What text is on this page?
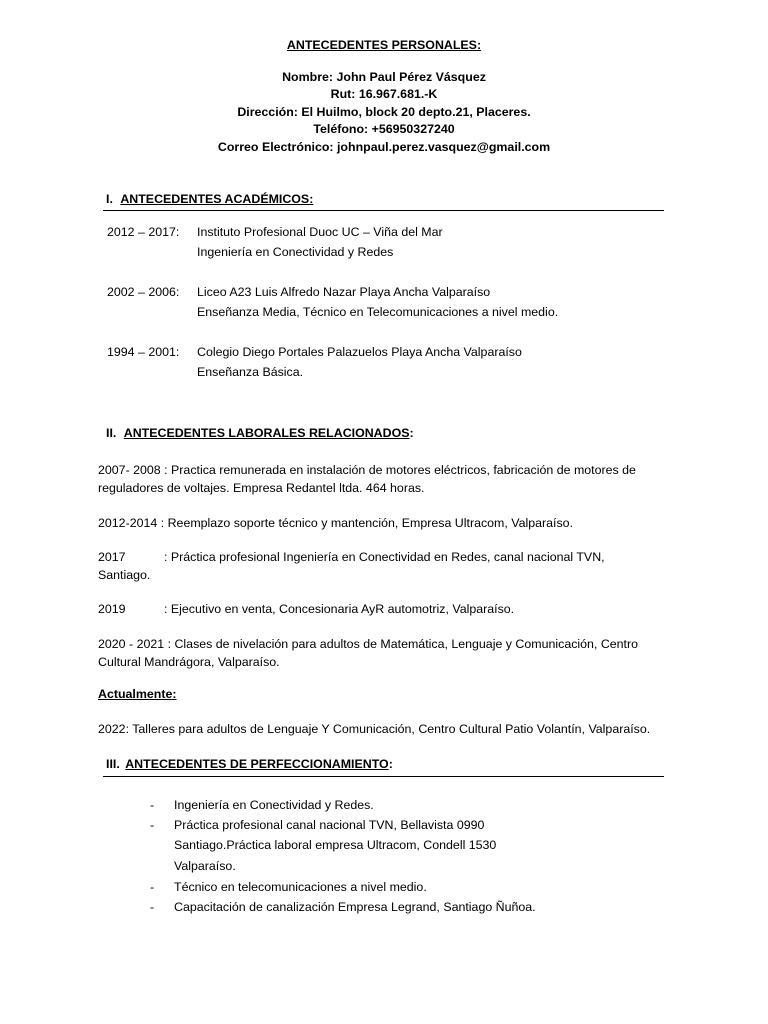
ANTECEDENTES PERSONALES:
Nombre: John Paul Pérez Vásquez
Rut: 16.967.681.-K
Dirección: El Huilmo, block 20 depto.21, Placeres.
Teléfono: +56950327240
Correo Electrónico: johnpaul.perez.vasquez@gmail.com
I. ANTECEDENTES ACADÉMICOS:
2012 – 2017: Instituto Profesional Duoc UC – Viña del Mar
Ingeniería en Conectividad y Redes
2002 – 2006: Liceo A23 Luis Alfredo Nazar Playa Ancha Valparaíso
Enseñanza Media, Técnico en Telecomunicaciones a nivel medio.
1994 – 2001: Colegio Diego Portales Palazuelos Playa Ancha Valparaíso
Enseñanza Básica.
II. ANTECEDENTES LABORALES RELACIONADOS:
2007- 2008 : Practica remunerada en instalación de motores eléctricos, fabricación de motores de reguladores de voltajes. Empresa Redantel ltda. 464 horas.
2012-2014 : Reemplazo soporte técnico y mantención, Empresa Ultracom, Valparaíso.
2017	: Práctica profesional Ingeniería en Conectividad en Redes, canal nacional TVN, Santiago.
2019	: Ejecutivo en venta, Concesionaria AyR automotriz, Valparaíso.
2020 - 2021 : Clases de nivelación para adultos de Matemática, Lenguaje y Comunicación, Centro Cultural Mandrágora, Valparaíso.
Actualmente:
2022: Talleres para adultos de Lenguaje Y Comunicación, Centro Cultural Patio Volantín, Valparaíso.
III. ANTECEDENTES DE PERFECCIONAMIENTO:
- Ingeniería en Conectividad y Redes.
- Práctica profesional canal nacional TVN, Bellavista 0990
Santiago.Práctica laboral empresa Ultracom, Condell 1530
Valparaíso.
- Técnico en telecomunicaciones a nivel medio.
- Capacitación de canalización Empresa Legrand, Santiago Ñuñoa.
